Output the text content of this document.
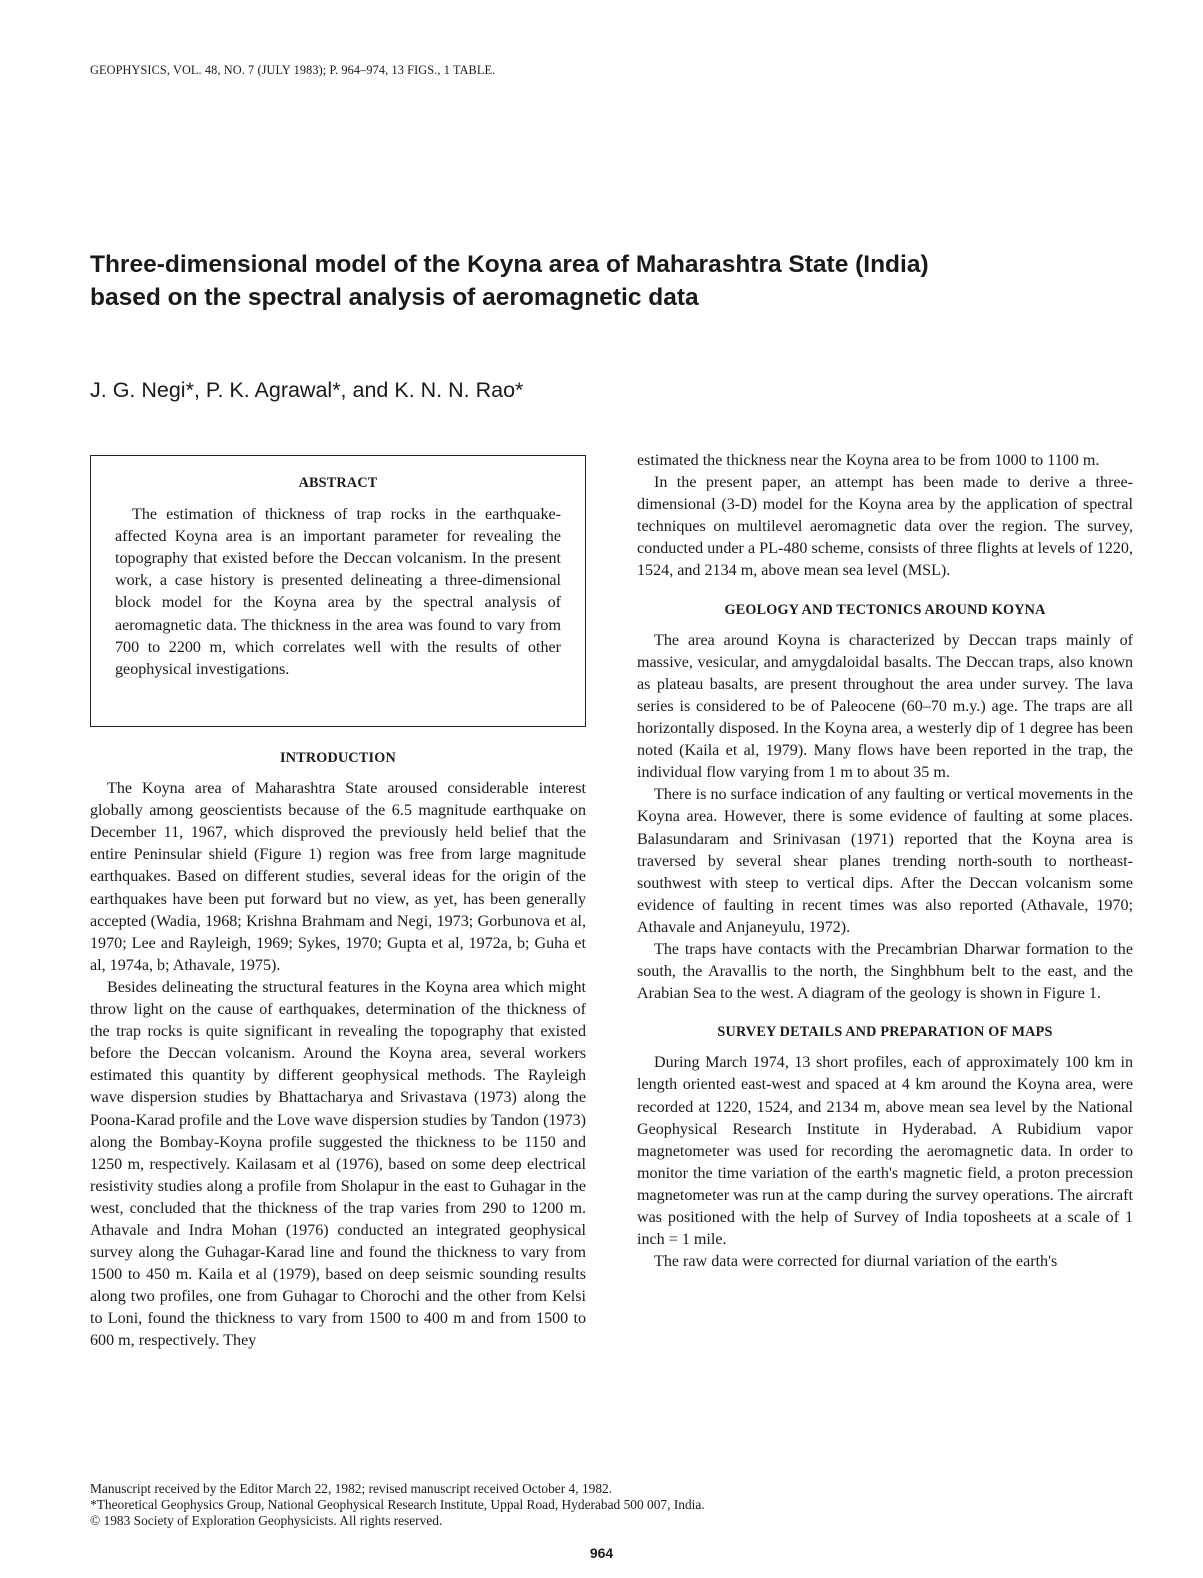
GEOPHYSICS, VOL. 48, NO. 7 (JULY 1983); P. 964–974, 13 FIGS., 1 TABLE.
Three-dimensional model of the Koyna area of Maharashtra State (India)
based on the spectral analysis of aeromagnetic data
J. G. Negi*, P. K. Agrawal*, and K. N. N. Rao*
ABSTRACT

The estimation of thickness of trap rocks in the earthquake-affected Koyna area is an important parameter for revealing the topography that existed before the Deccan volcanism. In the present work, a case history is presented delineating a three-dimensional block model for the Koyna area by the spectral analysis of aeromagnetic data. The thickness in the area was found to vary from 700 to 2200 m, which correlates well with the results of other geophysical investigations.

INTRODUCTION

The Koyna area of Maharashtra State aroused considerable interest globally among geoscientists because of the 6.5 magnitude earthquake on December 11, 1967, which disproved the previously held belief that the entire Peninsular shield (Figure 1) region was free from large magnitude earthquakes. Based on different studies, several ideas for the origin of the earthquakes have been put forward but no view, as yet, has been generally accepted (Wadia, 1968; Krishna Brahmam and Negi, 1973; Gorbunova et al, 1970; Lee and Rayleigh, 1969; Sykes, 1970; Gupta et al, 1972a, b; Guha et al, 1974a, b; Athavale, 1975).

Besides delineating the structural features in the Koyna area which might throw light on the cause of earthquakes, determination of the thickness of the trap rocks is quite significant in revealing the topography that existed before the Deccan volcanism. Around the Koyna area, several workers estimated this quantity by different geophysical methods. The Rayleigh wave dispersion studies by Bhattacharya and Srivastava (1973) along the Poona-Karad profile and the Love wave dispersion studies by Tandon (1973) along the Bombay-Koyna profile suggested the thickness to be 1150 and 1250 m, respectively. Kailasam et al (1976), based on some deep electrical resistivity studies along a profile from Sholapur in the east to Guhagar in the west, concluded that the thickness of the trap varies from 290 to 1200 m. Athavale and Indra Mohan (1976) conducted an integrated geophysical survey along the Guhagar-Karad line and found the thickness to vary from 1500 to 450 m. Kaila et al (1979), based on deep seismic sounding results along two profiles, one from Guhagar to Chorochi and the other from Kelsi to Loni, found the thickness to vary from 1500 to 400 m and from 1500 to 600 m, respectively. They

estimated the thickness near the Koyna area to be from 1000 to 1100 m.

In the present paper, an attempt has been made to derive a three-dimensional (3-D) model for the Koyna area by the application of spectral techniques on multilevel aeromagnetic data over the region. The survey, conducted under a PL-480 scheme, consists of three flights at levels of 1220, 1524, and 2134 m, above mean sea level (MSL).

GEOLOGY AND TECTONICS AROUND KOYNA

The area around Koyna is characterized by Deccan traps mainly of massive, vesicular, and amygdaloidal basalts. The Deccan traps, also known as plateau basalts, are present throughout the area under survey. The lava series is considered to be of Paleocene (60–70 m.y.) age. The traps are all horizontally disposed. In the Koyna area, a westerly dip of 1 degree has been noted (Kaila et al, 1979). Many flows have been reported in the trap, the individual flow varying from 1 m to about 35 m.

There is no surface indication of any faulting or vertical movements in the Koyna area. However, there is some evidence of faulting at some places. Balasundaram and Srinivasan (1971) reported that the Koyna area is traversed by several shear planes trending north-south to northeast-southwest with steep to vertical dips. After the Deccan volcanism some evidence of faulting in recent times was also reported (Athavale, 1970; Athavale and Anjaneyulu, 1972).

The traps have contacts with the Precambrian Dharwar formation to the south, the Aravallis to the north, the Singhbhum belt to the east, and the Arabian Sea to the west. A diagram of the geology is shown in Figure 1.

SURVEY DETAILS AND PREPARATION OF MAPS

During March 1974, 13 short profiles, each of approximately 100 km in length oriented east-west and spaced at 4 km around the Koyna area, were recorded at 1220, 1524, and 2134 m, above mean sea level by the National Geophysical Research Institute in Hyderabad. A Rubidium vapor magnetometer was used for recording the aeromagnetic data. In order to monitor the time variation of the earth's magnetic field, a proton precession magnetometer was run at the camp during the survey operations. The aircraft was positioned with the help of Survey of India toposheets at a scale of 1 inch = 1 mile.

The raw data were corrected for diurnal variation of the earth's

Manuscript received by the Editor March 22, 1982; revised manuscript received October 4, 1982.
*Theoretical Geophysics Group, National Geophysical Research Institute, Uppal Road, Hyderabad 500 007, India.
© 1983 Society of Exploration Geophysicists. All rights reserved.
964
